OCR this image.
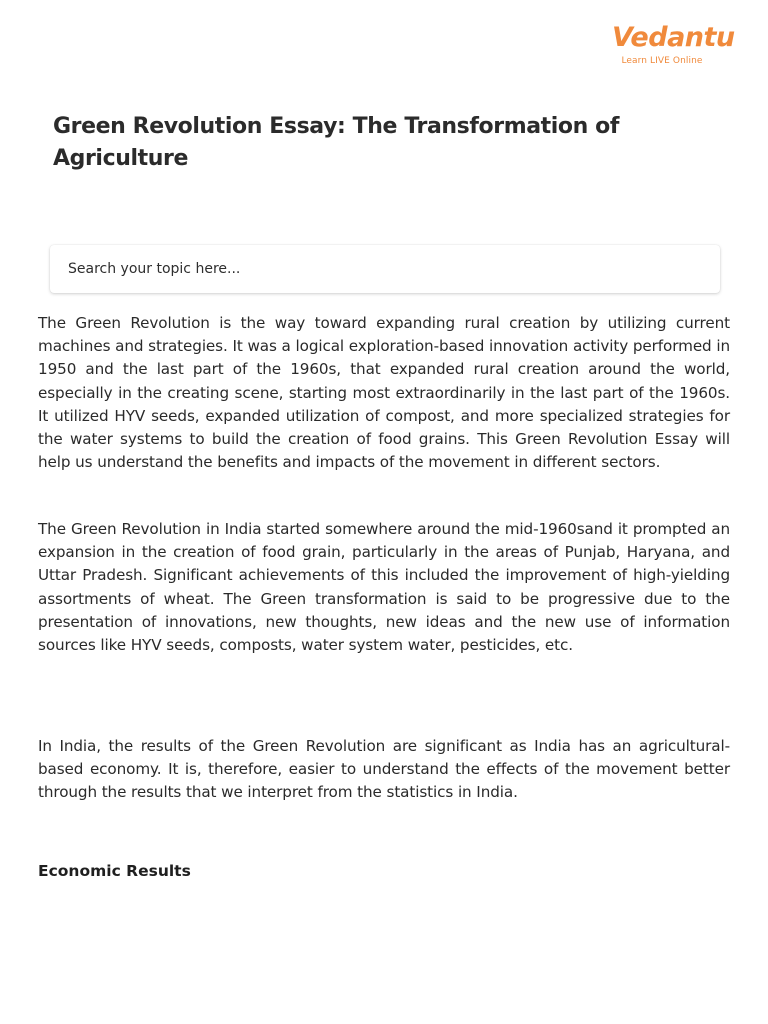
Vedantu
Learn LIVE Online
Green Revolution Essay: The Transformation of Agriculture
Search your topic here...

The Green Revolution is the way toward expanding rural creation by utilizing current machines and strategies. It was a logical exploration-based innovation activity performed in 1950 and the last part of the 1960s, that expanded rural creation around the world, especially in the creating scene, starting most extraordinarily in the last part of the 1960s. It utilized HYV seeds, expanded utilization of compost, and more specialized strategies for the water systems to build the creation of food grains. This Green Revolution Essay will help us understand the benefits and impacts of the movement in different sectors.

The Green Revolution in India started somewhere around the mid-1960sand it prompted an expansion in the creation of food grain, particularly in the areas of Punjab, Haryana, and Uttar Pradesh. Significant achievements of this included the improvement of high-yielding assortments of wheat. The Green transformation is said to be progressive due to the presentation of innovations, new thoughts, new ideas and the new use of information sources like HYV seeds, composts, water system water, pesticides, etc.

In India, the results of the Green Revolution are significant as India has an agricultural-based economy. It is, therefore, easier to understand the effects of the movement better through the results that we interpret from the statistics in India.

Economic Results
